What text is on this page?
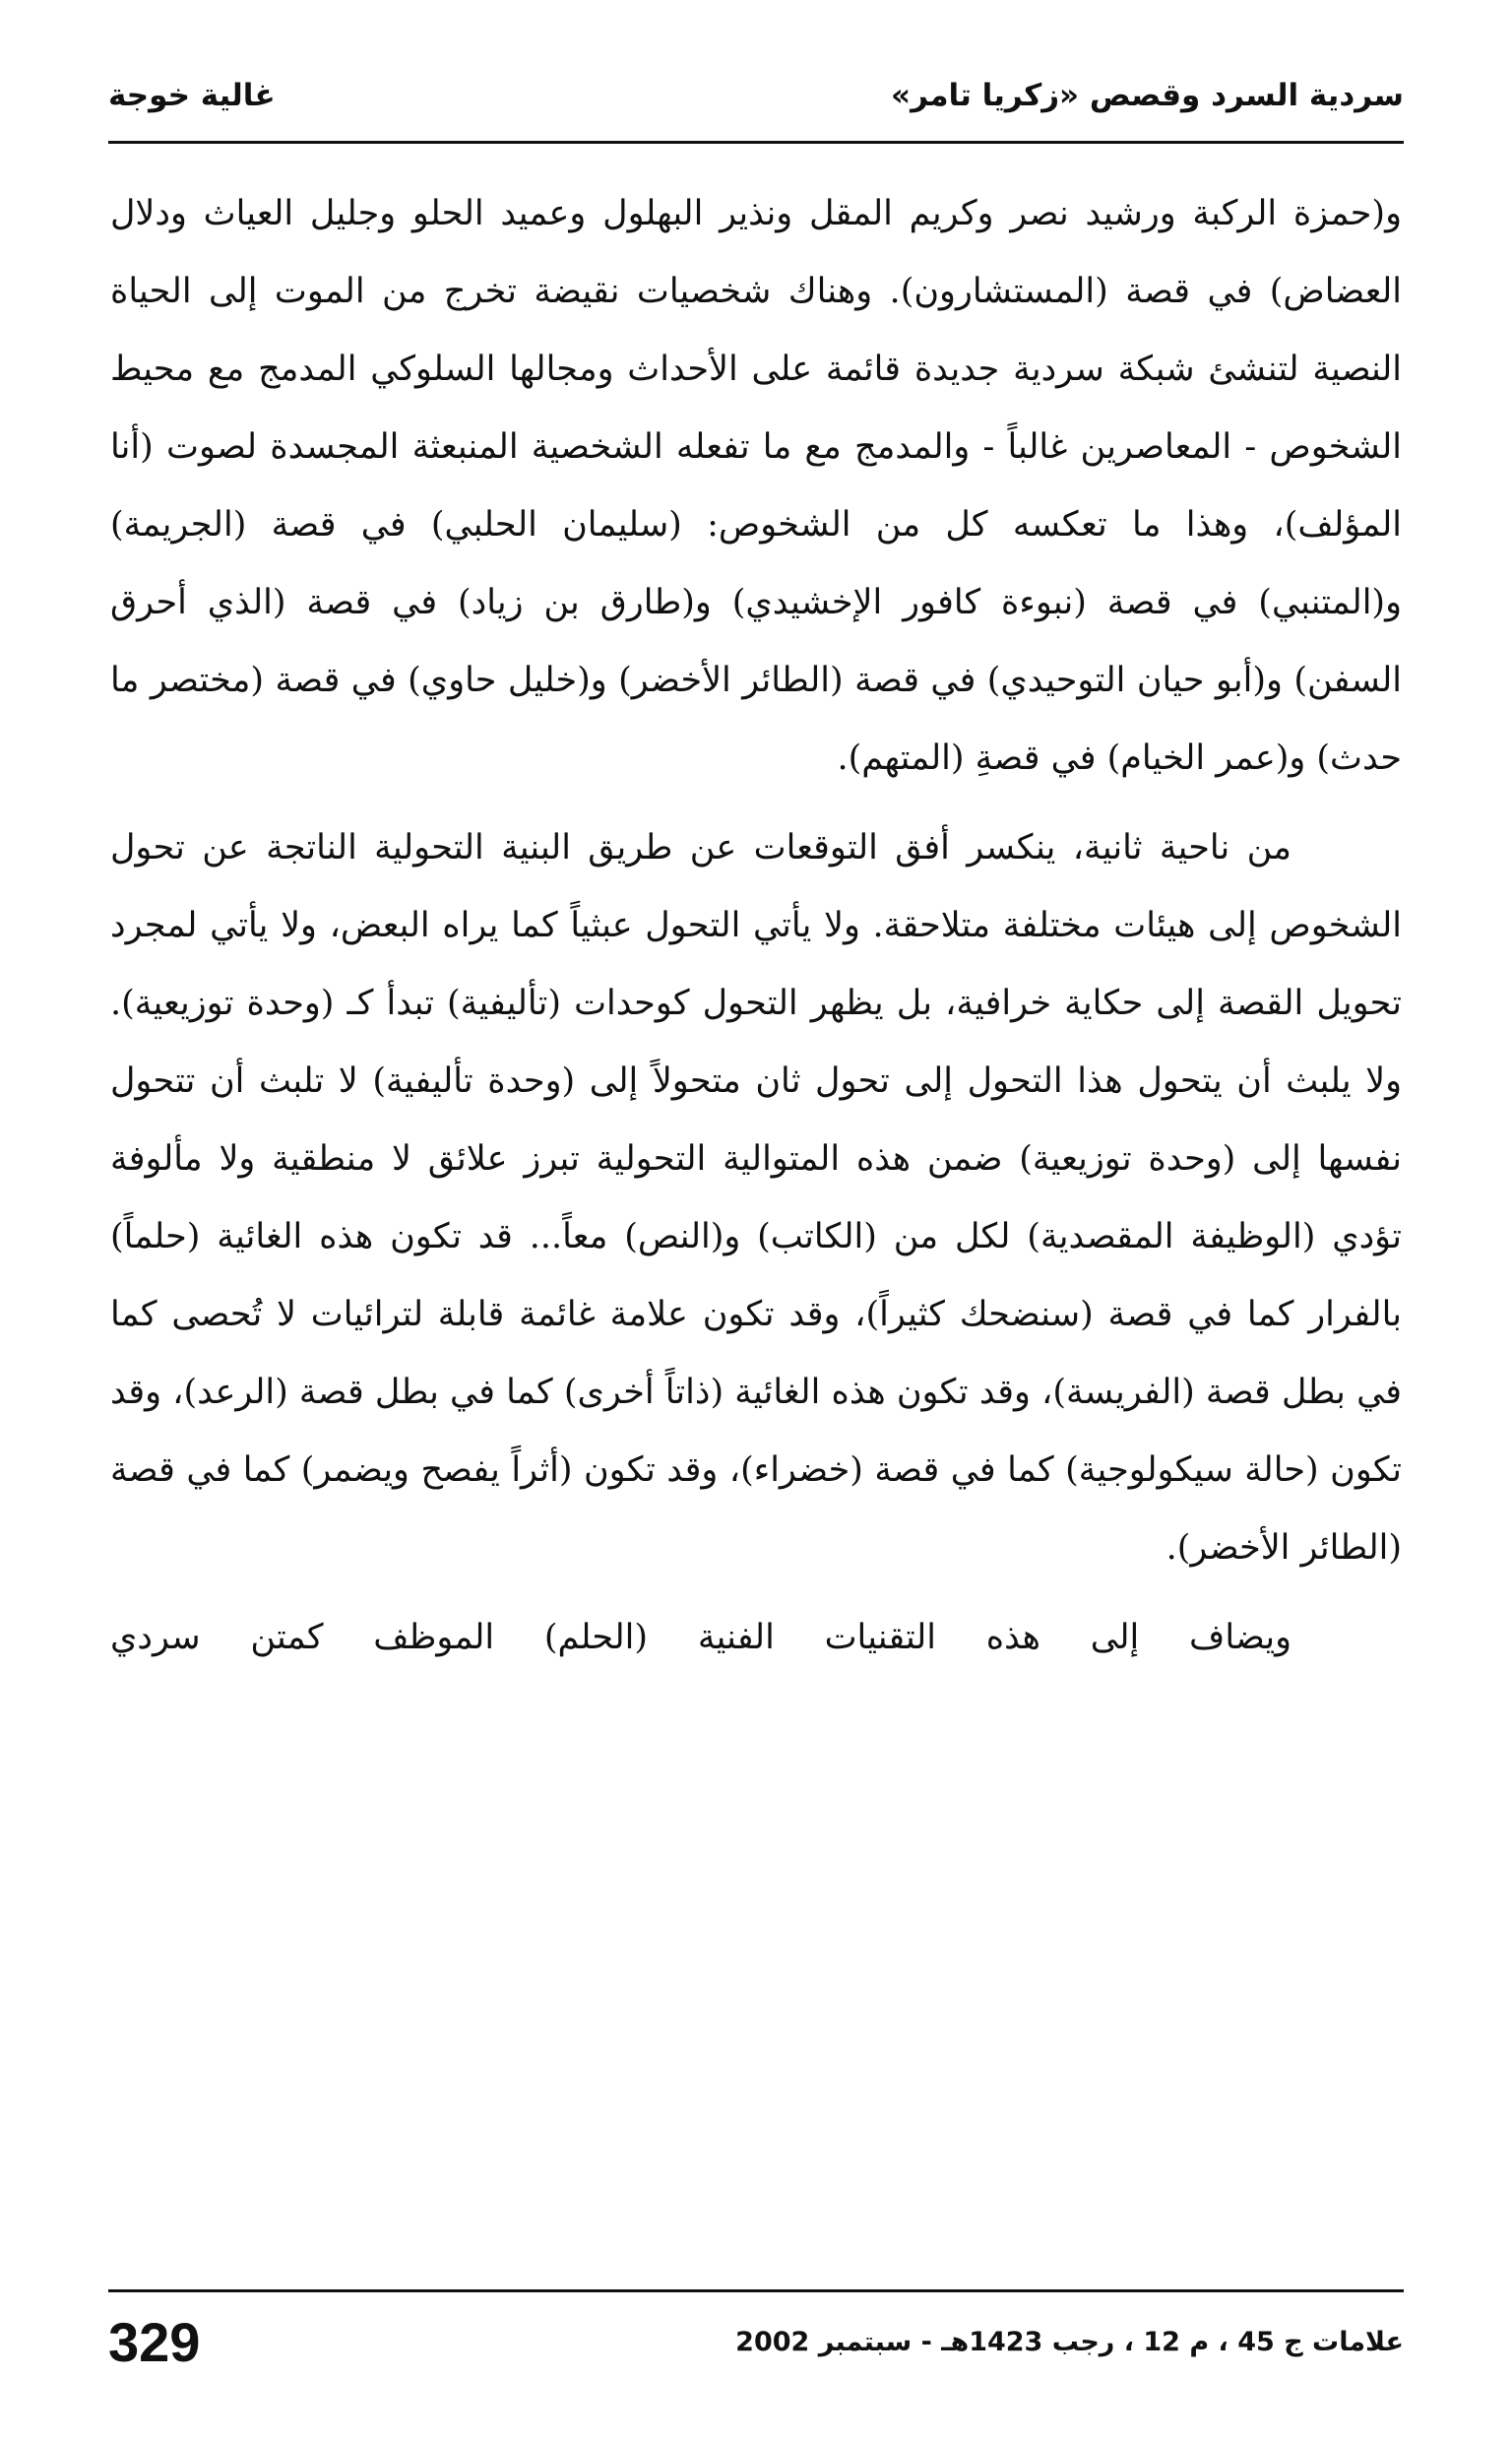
سردية السرد وقصص «زكريا تامر»
غالية خوجة

و(حمزة الركبة ورشيد نصر وكريم المقل ونذير البهلول وعميد الحلو وجليل العياث ودلال العضاض) في قصة (المستشارون). وهناك شخصيات نقيضة تخرج من الموت إلى الحياة النصية لتنشئ شبكة سردية جديدة قائمة على الأحداث ومجالها السلوكي المدمج مع محيط الشخوص - المعاصرين غالباً - والمدمج مع ما تفعله الشخصية المنبعثة المجسدة لصوت (أنا المؤلف)، وهذا ما تعكسه كل من الشخوص: (سليمان الحلبي) في قصة (الجريمة) و(المتنبي) في قصة (نبوءة كافور الإخشيدي) و(طارق بن زياد) في قصة (الذي أحرق السفن) و(أبو حيان التوحيدي) في قصة (الطائر الأخضر) و(خليل حاوي) في قصة (مختصر ما حدث) و(عمر الخيام) في قصةِ (المتهم).

من ناحية ثانية، ينكسر أفق التوقعات عن طريق البنية التحولية الناتجة عن تحول الشخوص إلى هيئات مختلفة متلاحقة. ولا يأتي التحول عبثياً كما يراه البعض، ولا يأتي لمجرد تحويل القصة إلى حكاية خرافية، بل يظهر التحول كوحدات (تأليفية) تبدأ كـ (وحدة توزيعية). ولا يلبث أن يتحول هذا التحول إلى تحول ثان متحولاً إلى (وحدة تأليفية) لا تلبث أن تتحول نفسها إلى (وحدة توزيعية) ضمن هذه المتوالية التحولية تبرز علائق لا منطقية ولا مألوفة تؤدي (الوظيفة المقصدية) لكل من (الكاتب) و(النص) معاً... قد تكون هذه الغائية (حلماً) بالفرار كما في قصة (سنضحك كثيراً)، وقد تكون علامة غائمة قابلة لترائيات لا تُحصى كما في بطل قصة (الفريسة)، وقد تكون هذه الغائية (ذاتاً أخرى) كما في بطل قصة (الرعد)، وقد تكون (حالة سيكولوجية) كما في قصة (خضراء)، وقد تكون (أثراً يفصح ويضمر) كما في قصة (الطائر الأخضر).

ويضاف إلى هذه التقنيات الفنية (الحلم) الموظف كمتن سردي

329	علامات ج 45 ، م 12 ، رجب 1423هـ - سبتمبر 2002
